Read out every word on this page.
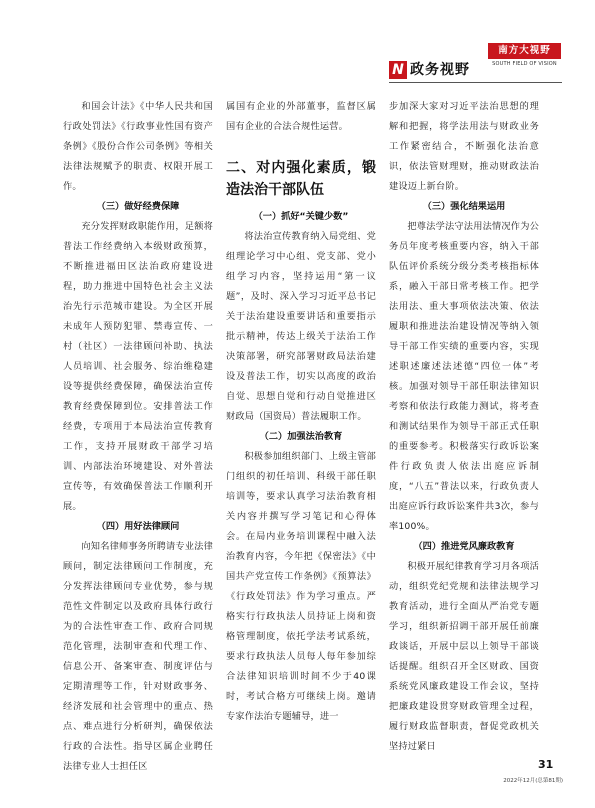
N 政务视野
南方大视野
SOUTH FIELD OF VISION

和国会计法》《中华人民共和国行政处罚法》《行政事业性国有资产条例》《股份合作公司条例》等相关法律法规赋予的职责、权限开展工作。

（三）做好经费保障

充分发挥财政职能作用，足额将普法工作经费纳入本级财政预算，不断推进福田区法治政府建设进程，助力推进中国特色社会主义法治先行示范城市建设。为全区开展未成年人预防犯罪、禁毒宣传、一村（社区）一法律顾问补助、执法人员培训、社会服务、综治维稳建设等提供经费保障，确保法治宣传教育经费保障到位。安排普法工作经费，专项用于本局法治宣传教育工作，支持开展财政干部学习培训、内部法治环境建设、对外普法宣传等，有效确保普法工作顺利开展。

（四）用好法律顾问

向知名律师事务所聘请专业法律顾问，制定法律顾问工作制度，充分发挥法律顾问专业优势，参与规范性文件制定以及政府具体行政行为的合法性审查工作、政府合同规范化管理，法制审查和代理工作、信息公开、备案审查、制度评估与定期清理等工作，针对财政事务、经济发展和社会管理中的重点、热点、难点进行分析研判，确保依法行政的合法性。指导区属企业聘任法律专业人士担任区

属国有企业的外部董事，监督区属国有企业的合法合规性运营。

二、对内强化素质，锻造法治干部队伍

（一）抓好“关键少数”

将法治宣传教育纳入局党组、党组理论学习中心组、党支部、党小组学习内容，坚持运用“第一议题”，及时、深入学习习近平总书记关于法治建设重要讲话和重要指示批示精神，传达上级关于法治工作决策部署，研究部署财政局法治建设及普法工作，切实以高度的政治自觉、思想自觉和行动自觉推进区财政局（国资局）普法履职工作。

（二）加强法治教育

积极参加组织部门、上级主管部门组织的初任培训、科级干部任职培训等，要求认真学习法治教育相关内容并撰写学习笔记和心得体会。在局内业务培训课程中融入法治教育内容，今年把《保密法》《中国共产党宣传工作条例》《预算法》《行政处罚法》作为学习重点。严格实行行政执法人员持证上岗和资格管理制度，依托学法考试系统，要求行政执法人员每人每年参加综合法律知识培训时间不少于40课时，考试合格方可继续上岗。邀请专家作法治专题辅导，进一

步加深大家对习近平法治思想的理解和把握，将学法用法与财政业务工作紧密结合，不断强化法治意识，依法管财理财，推动财政法治建设迈上新台阶。

（三）强化结果运用

把尊法学法守法用法情况作为公务员年度考核重要内容，纳入干部队伍评价系统分级分类考核指标体系，融入干部日常考核工作。把学法用法、重大事项依法决策、依法履职和推进法治建设情况等纳入领导干部工作实绩的重要内容，实现述职述廉述法述德“四位一体”考核。加强对领导干部任职法律知识考察和依法行政能力测试，将考查和测试结果作为领导干部正式任职的重要参考。积极落实行政诉讼案件行政负责人依法出庭应诉制度，“八五”普法以来，行政负责人出庭应诉行政诉讼案件共3次，参与率100%。

（四）推进党风廉政教育

积极开展纪律教育学习月各项活动，组织党纪党规和法律法规学习教育活动，进行全面从严治党专题学习，组织新招调干部开展任前廉政谈话，开展中层以上领导干部谈话提醒。组织召开全区财政、国资系统党风廉政建设工作会议，坚持把廉政建设贯穿财政管理全过程，履行财政监督职责，督促党政机关坚持过紧日

31
2022年12月(总第81期)
